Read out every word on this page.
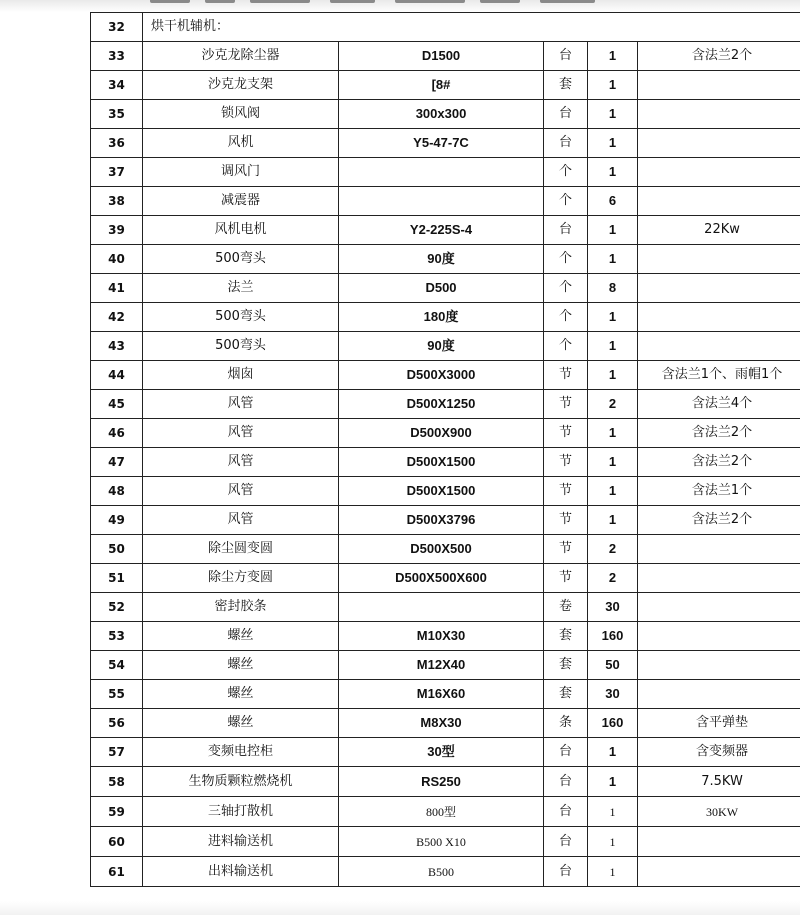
32	烘干机辅机：				
33	沙克龙除尘器	D1500	台	1	含法兰2个
34	沙克龙支架	[8#	套	1	
35	锁风阀	300x300	台	1	
36	风机	Y5-47-7C	台	1	
37	调风门		个	1	
38	减震器		个	6	
39	风机电机	Y2-225S-4	台	1	22Kw
40	500弯头	90度	个	1	
41	法兰	D500	个	8	
42	500弯头	180度	个	1	
43	500弯头	90度	个	1	
44	烟囱	D500X3000	节	1	含法兰1个、雨帽1个
45	风管	D500X1250	节	2	含法兰4个
46	风管	D500X900	节	1	含法兰2个
47	风管	D500X1500	节	1	含法兰2个
48	风管	D500X1500	节	1	含法兰1个
49	风管	D500X3796	节	1	含法兰2个
50	除尘圆变圆	D500X500	节	2	
51	除尘方变圆	D500X500X600	节	2	
52	密封胶条		卷	30	
53	螺丝	M10X30	套	160	
54	螺丝	M12X40	套	50	
55	螺丝	M16X60	套	30	
56	螺丝	M8X30	条	160	含平弹垫
57	变频电控柜	30型	台	1	含变频器
58	生物质颗粒燃烧机	RS250	台	1	7.5KW
59	三轴打散机	800型	台	1	30KW
60	进料输送机	B500 X10	台	1	
61	出料输送机	B500	台	1	
